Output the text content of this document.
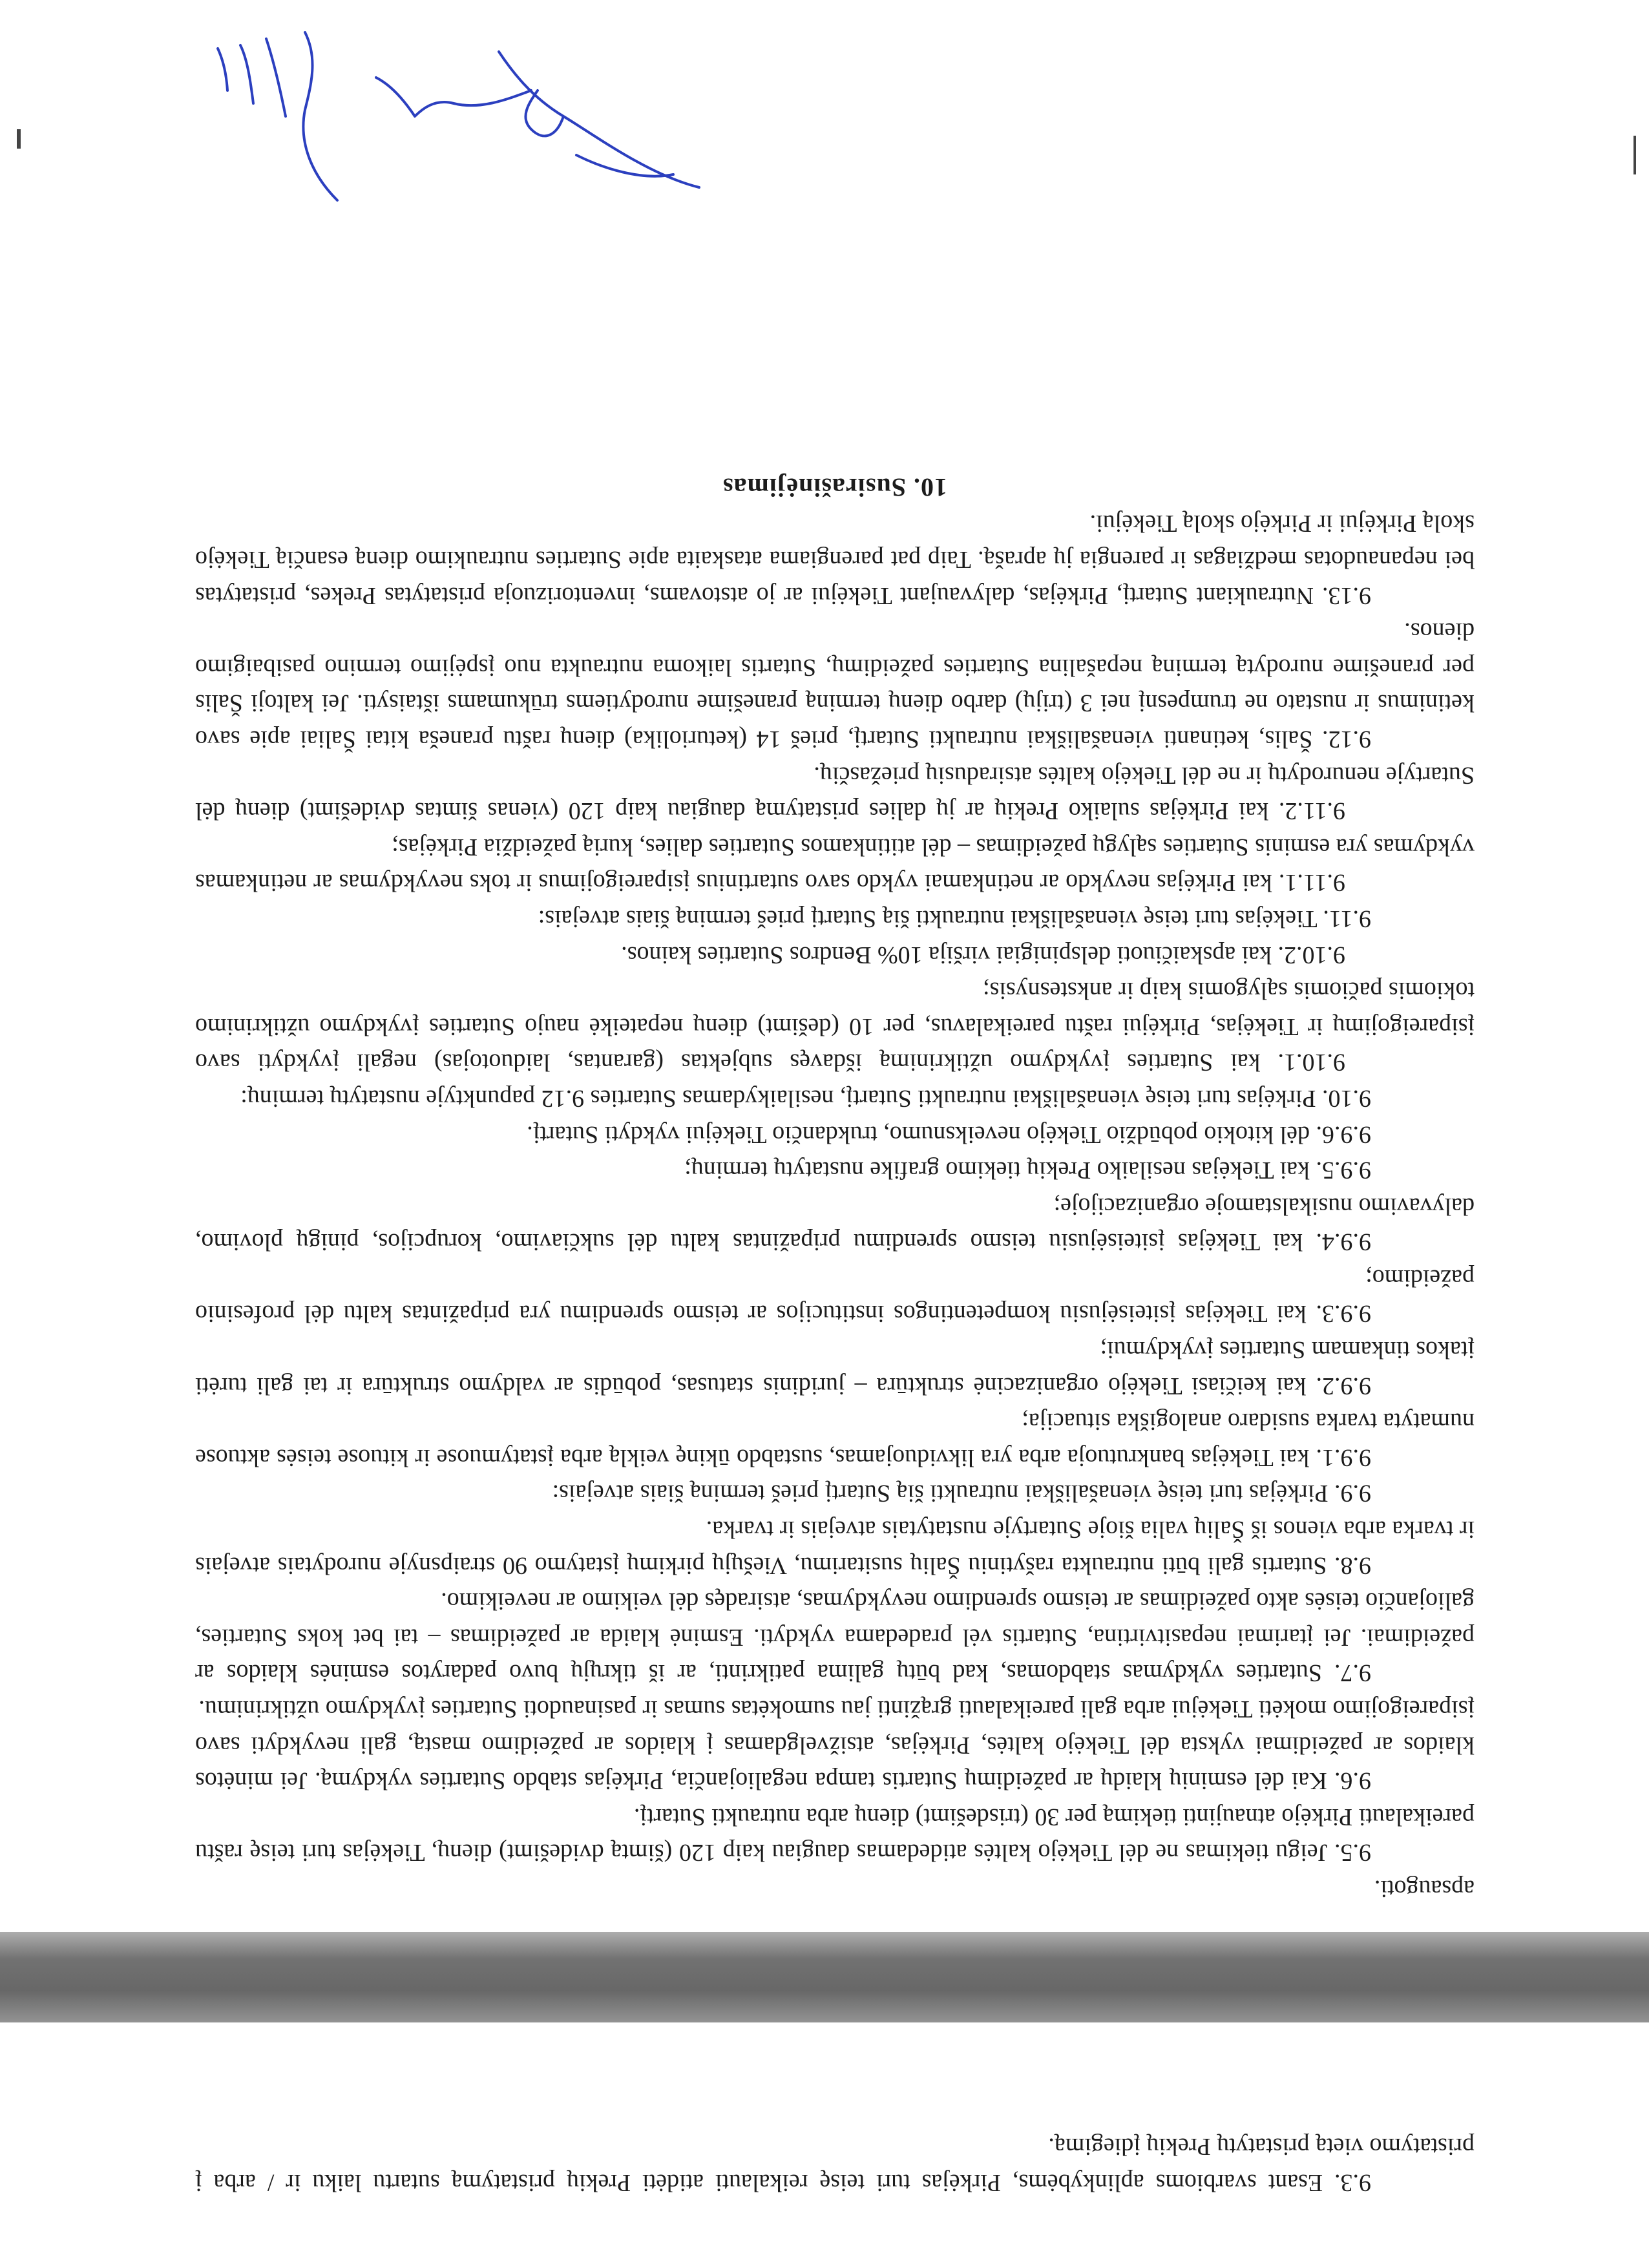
9.3. Esant svarbioms aplinkybėms, Pirkėjas turi teisę reikalauti atidėti Prekių pristatymą sutartu laiku ir / arba į pristatymo vietą pristatytų Prekių įdiegimą.

apsaugoti.

9.5. Jeigu tiekimas ne dėl Tiekėjo kaltės atidedamas daugiau kaip 120 (šimtą dvidešimt) dienų, Tiekėjas turi teisę raštu pareikalauti Pirkėjo atnaujinti tiekimą per 30 (trisdešimt) dienų arba nutraukti Sutartį.

9.6. Kai dėl esminių klaidų ar pažeidimų Sutartis tampa negaliojančia, Pirkėjas stabdo Sutarties vykdymą. Jei minėtos klaidos ar pažeidimai vyksta dėl Tiekėjo kaltės, Pirkėjas, atsižvelgdamas į klaidos ar pažeidimo mastą, gali nevykdyti savo įsipareigojimo mokėti Tiekėjui arba gali pareikalauti grąžinti jau sumokėtas sumas ir pasinaudoti Sutarties įvykdymo užtikrinimu.

9.7. Sutarties vykdymas stabdomas, kad būtų galima patikrinti, ar iš tikrųjų buvo padarytos esminės klaidos ar pažeidimai. Jei įtarimai nepasitvirtina, Sutartis vėl pradedama vykdyti. Esminė klaida ar pažeidimas – tai bet koks Sutarties, galiojančio teisės akto pažeidimas ar teismo sprendimo nevykdymas, atsiradęs dėl veikimo ar neveikimo.

9.8. Sutartis gali būti nutraukta rašytiniu Šalių susitarimu, Viešųjų pirkimų įstatymo 90 straipsnyje nurodytais atvejais ir tvarka arba vienos iš Šalių valia šioje Sutartyje nustatytais atvejais ir tvarka.

9.9. Pirkėjas turi teisę vienašališkai nutraukti šią Sutartį prieš terminą šiais atvejais:

9.9.1. kai Tiekėjas bankrutuoja arba yra likviduojamas, sustabdo ūkinę veiklą arba įstatymuose ir kituose teisės aktuose numatyta tvarka susidaro analogiška situacija;

9.9.2. kai keičiasi Tiekėjo organizacinė struktūra – juridinis statusas, pobūdis ar valdymo struktūra ir tai gali turėti įtakos tinkamam Sutarties įvykdymui;

9.9.3. kai Tiekėjas įsiteisėjusiu kompetentingos institucijos ar teismo sprendimu yra pripažintas kaltu dėl profesinio pažeidimo;

9.9.4. kai Tiekėjas įsiteisėjusiu teismo sprendimu pripažintas kaltu dėl sukčiavimo, korupcijos, pinigų plovimo, dalyvavimo nusikalstamoje organizacijoje;

9.9.5. kai Tiekėjas nesilaiko Prekių tiekimo grafike nustatytų terminų;

9.9.6. dėl kitokio pobūdžio Tiekėjo neveiksnumo, trukdančio Tiekėjui vykdyti Sutartį.

9.10. Pirkėjas turi teisę vienašališkai nutraukti Sutartį, nesilaikydamas Sutarties 9.12 papunktyje nustatytų terminų:

9.10.1. kai Sutarties įvykdymo užtikrinimą išdavęs subjektas (garantas, laiduotojas) negali įvykdyti savo įsipareigojimų ir Tiekėjas, Pirkėjui raštu pareikalavus, per 10 (dešimt) dienų nepateikė naujo Sutarties įvykdymo užtikrinimo tokiomis pačiomis sąlygomis kaip ir ankstesnysis;

9.10.2. kai apskaičiuoti delspinigiai viršija 10% Bendros Sutarties kainos.

9.11. Tiekėjas turi teisę vienašališkai nutraukti šią Sutartį prieš terminą šiais atvejais:

9.11.1. kai Pirkėjas nevykdo ar netinkamai vykdo savo sutartinius įsipareigojimus ir toks nevykdymas ar netinkamas vykdymas yra esminis Sutarties sąlygų pažeidimas – dėl atitinkamos Sutarties dalies, kurią pažeidžia Pirkėjas;

9.11.2. kai Pirkėjas sulaiko Prekių ar jų dalies pristatymą daugiau kaip 120 (vienas šimtas dvidešimt) dienų dėl Sutartyje nenurodytų ir ne dėl Tiekėjo kaltės atsiradusių priežasčių.

9.12. Šalis, ketinanti vienašališkai nutraukti Sutartį, prieš 14 (keturiolika) dienų raštu praneša kitai Šaliai apie savo ketinimus ir nustato ne trumpesnį nei 3 (trijų) darbo dienų terminą pranešime nurodytiems trūkumams ištaisyti. Jei kaltoji Šalis per pranešime nurodytą terminą nepašalina Sutarties pažeidimų, Sutartis laikoma nutraukta nuo įspėjimo termino pasibaigimo dienos.

9.13. Nutraukiant Sutartį, Pirkėjas, dalyvaujant Tiekėjui ar jo atstovams, inventorizuoja pristatytas Prekes, pristatytas bei nepanaudotas medžiagas ir parengia jų aprašą. Taip pat parengiama ataskaita apie Sutarties nutraukimo dieną esančią Tiekėjo skolą Pirkėjui ir Pirkėjo skolą Tiekėjui.

10. Susirašinėjimas
